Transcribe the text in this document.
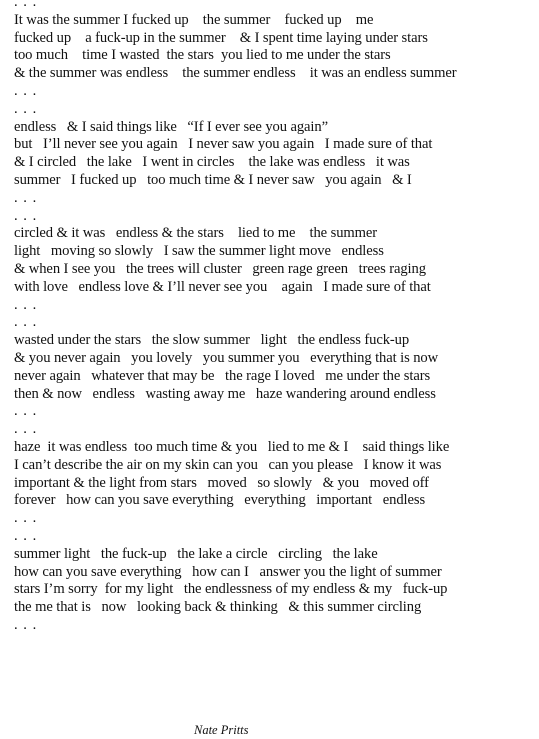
. . .
It was the summer I fucked up    the summer    fucked up    me
fucked up    a fuck-up in the summer    & I spent time laying under stars
too much    time I wasted  the stars  you lied to me under the stars
& the summer was endless    the summer endless    it was an endless summer
. . .
. . .
endless   & I said things like   “If I ever see you again”
but   I’ll never see you again   I never saw you again   I made sure of that
& I circled   the lake   I went in circles    the lake was endless   it was
summer   I fucked up   too much time & I never saw   you again   & I
. . .
. . .
circled & it was   endless & the stars    lied to me    the summer
light   moving so slowly   I saw the summer light move   endless
& when I see you   the trees will cluster   green rage green   trees raging
with love   endless love & I’ll never see you    again   I made sure of that
. . .
. . .
wasted under the stars   the slow summer   light   the endless fuck-up
& you never again   you lovely   you summer you   everything that is now
never again   whatever that may be   the rage I loved   me under the stars
then & now   endless   wasting away me   haze wandering around endless
. . .
. . .
haze  it was endless  too much time & you   lied to me & I    said things like
I can’t describe the air on my skin can you   can you please   I know it was
important & the light from stars   moved   so slowly   & you   moved off
forever   how can you save everything   everything   important   endless
. . .
. . .
summer light   the fuck-up   the lake a circle   circling   the lake
how can you save everything   how can I   answer you the light of summer
stars I’m sorry  for my light   the endlessness of my endless & my   fuck-up
the me that is   now   looking back & thinking   & this summer circling
. . .
Nate Pritts
